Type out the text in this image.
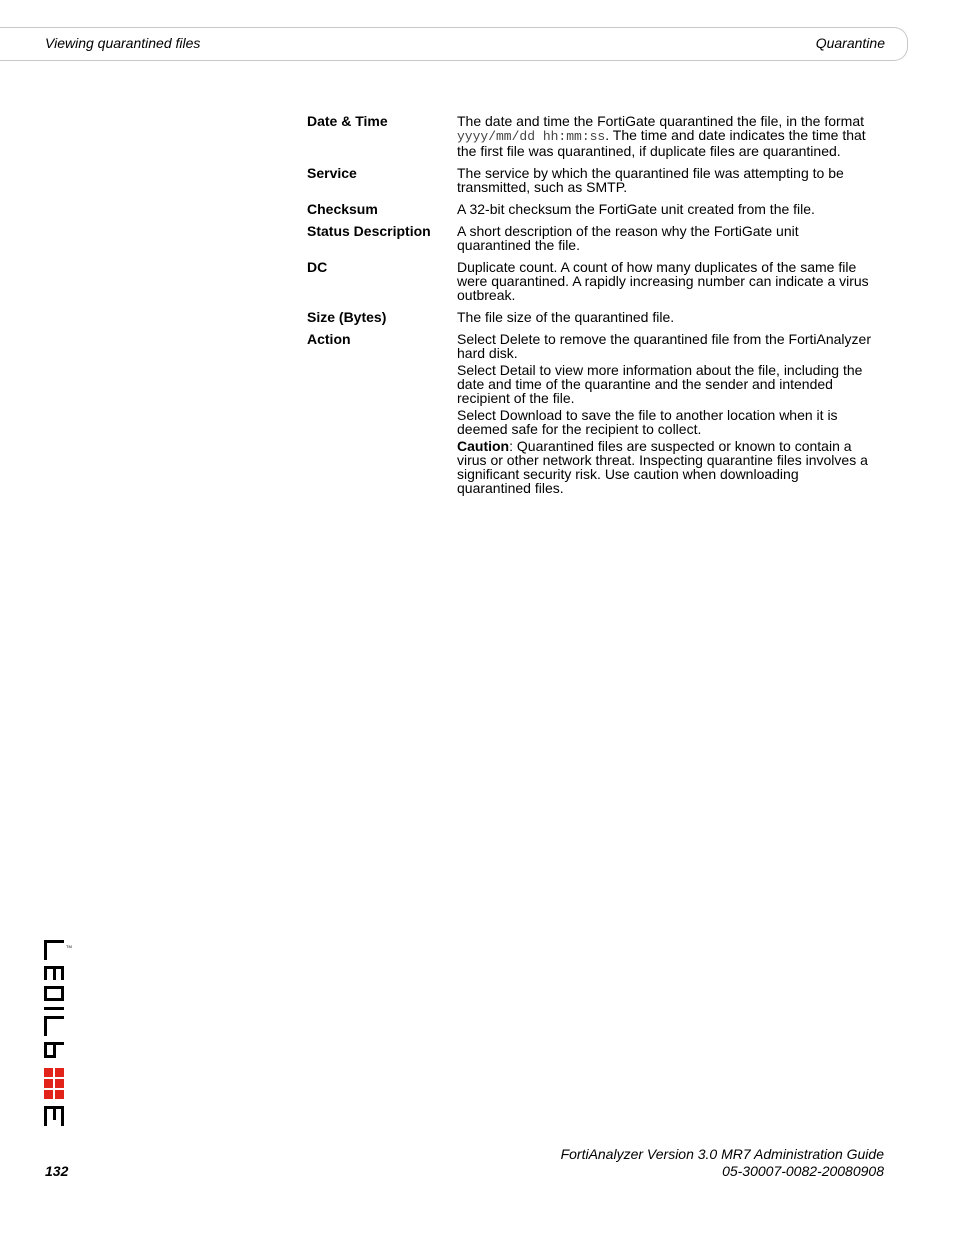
Viewing quarantined files	Quarantine
Date & Time	The date and time the FortiGate quarantined the file, in the format yyyy/mm/dd hh:mm:ss. The time and date indicates the time that the first file was quarantined, if duplicate files are quarantined.
Service	The service by which the quarantined file was attempting to be transmitted, such as SMTP.
Checksum	A 32-bit checksum the FortiGate unit created from the file.
Status Description	A short description of the reason why the FortiGate unit quarantined the file.
DC	Duplicate count. A count of how many duplicates of the same file were quarantined. A rapidly increasing number can indicate a virus outbreak.
Size (Bytes)	The file size of the quarantined file.
Action	Select Delete to remove the quarantined file from the FortiAnalyzer hard disk.

Select Detail to view more information about the file, including the date and time of the quarantine and the sender and intended recipient of the file.

Select Download to save the file to another location when it is deemed safe for the recipient to collect.

Caution: Quarantined files are suspected or known to contain a virus or other network threat. Inspecting quarantine files involves a significant security risk. Use caution when downloading quarantined files.

TM
FortiAnalyzer Version 3.0 MR7 Administration Guide
05-30007-0082-20080908
132
